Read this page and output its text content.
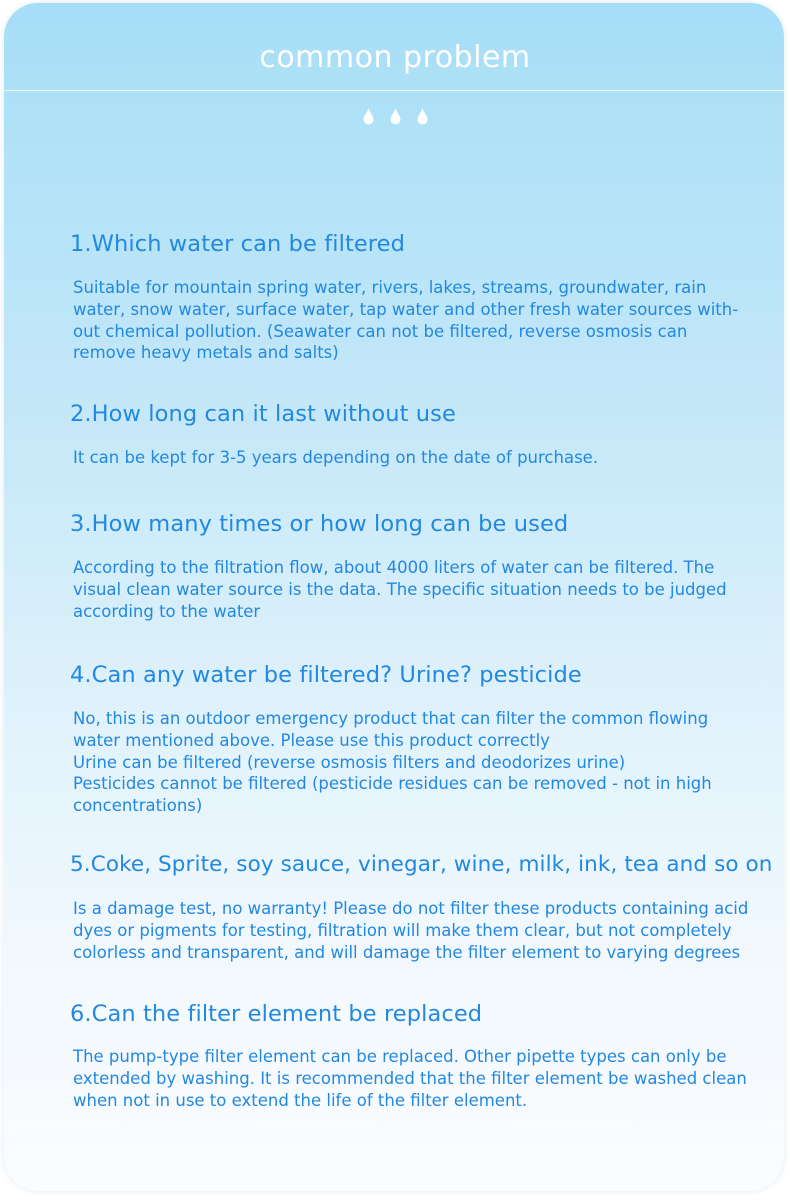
common problem
1.Which water can be filtered
Suitable for mountain spring water, rivers, lakes, streams, groundwater, rain
water, snow water, surface water, tap water and other fresh water sources with-
out chemical pollution. (Seawater can not be filtered, reverse osmosis can
remove heavy metals and salts)
2.How long can it last without use
It can be kept for 3-5 years depending on the date of purchase.
3.How many times or how long can be used
According to the filtration flow, about 4000 liters of water can be filtered. The
visual clean water source is the data. The specific situation needs to be judged
according to the water
4.Can any water be filtered? Urine? pesticide
No, this is an outdoor emergency product that can filter the common flowing
water mentioned above. Please use this product correctly
Urine can be filtered (reverse osmosis filters and deodorizes urine)
Pesticides cannot be filtered (pesticide residues can be removed - not in high
concentrations)
5.Coke, Sprite, soy sauce, vinegar, wine, milk, ink, tea and so on
Is a damage test, no warranty! Please do not filter these products containing acid
dyes or pigments for testing, filtration will make them clear, but not completely
colorless and transparent, and will damage the filter element to varying degrees
6.Can the filter element be replaced
The pump-type filter element can be replaced. Other pipette types can only be
extended by washing. It is recommended that the filter element be washed clean
when not in use to extend the life of the filter element.
